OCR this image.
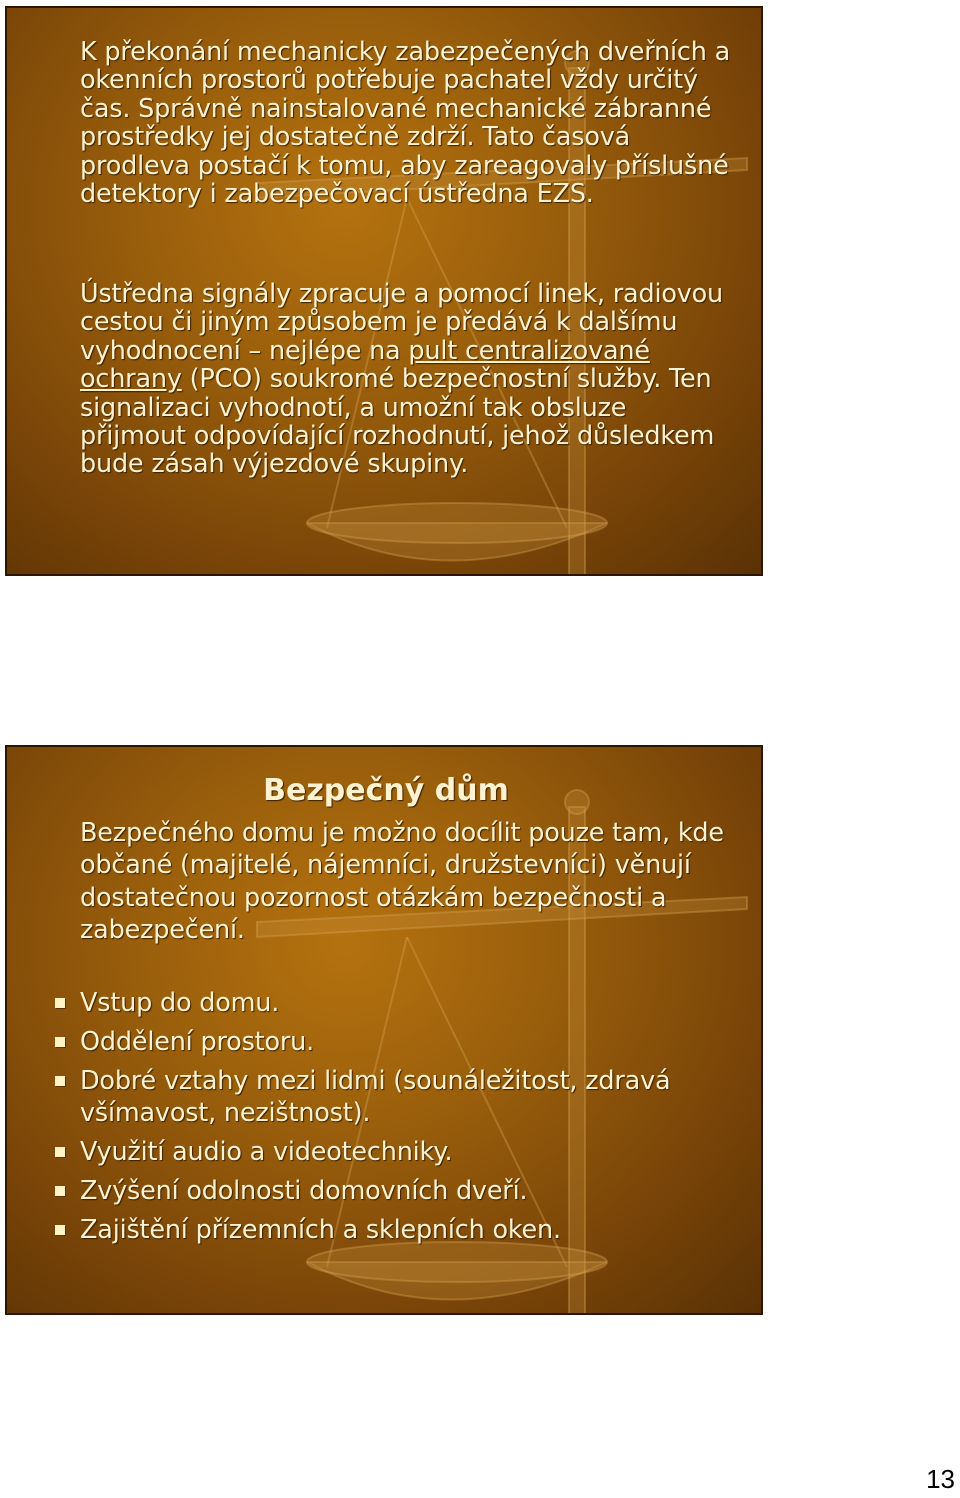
K překonání mechanicky zabezpečených dveřních a okenních prostorů potřebuje pachatel vždy určitý čas. Správně nainstalované mechanické zábranné prostředky jej dostatečně zdrží. Tato časová prodleva postačí k tomu, aby zareagovaly příslušné detektory i zabezpečovací ústředna EZS.
Ústředna signály zpracuje a pomocí linek, radiovou cestou či jiným způsobem je předává k dalšímu vyhodnocení – nejlépe na pult centralizované ochrany (PCO) soukromé bezpečnostní služby. Ten signalizaci vyhodnotí, a umožní tak obsluze přijmout odpovídající rozhodnutí, jehož důsledkem bude zásah výjezdové skupiny.
Bezpečný dům
Bezpečného domu je možno docílit pouze tam, kde občané (majitelé, nájemníci, družstevníci) věnují dostatečnou pozornost otázkám bezpečnosti a zabezpečení.
Vstup do domu.
Oddělení prostoru.
Dobré vztahy mezi lidmi (sounáležitost, zdravá všímavost, nezištnost).
Využití audio a videotechniky.
Zvýšení odolnosti domovních dveří.
Zajištění přízemních a sklepních oken.
13
